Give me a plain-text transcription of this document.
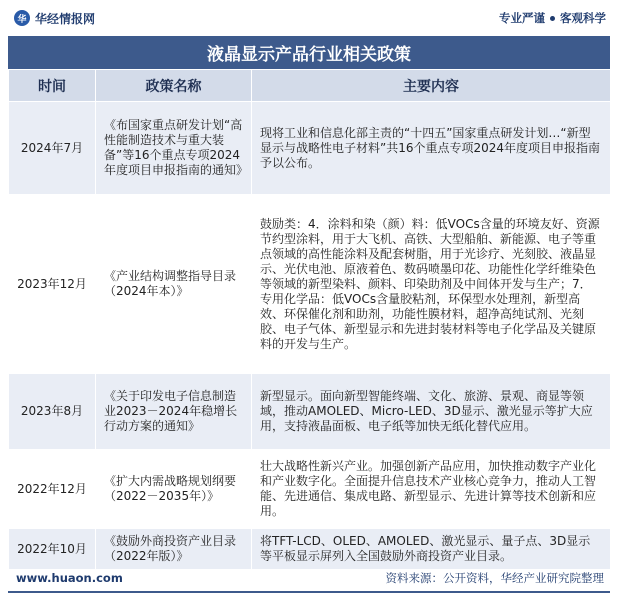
华 华经情报网	专业严谨 客观科学
液晶显示产品行业相关政策
时间	政策名称	主要内容
2024年7月	《布国家重点研发计划“高性能制造技术与重大装备”等16个重点专项2024年度项目申报指南的通知》	现将工业和信息化部主责的“十四五”国家重点研发计划…“新型显示与战略性电子材料”共16个重点专项2024年度项目申报指南予以公布。
2023年12月	《产业结构调整指导目录（2024年本）》	鼓励类：4．涂料和染（颜）料：低VOCs含量的环境友好、资源节约型涂料，用于大飞机、高铁、大型船舶、新能源、电子等重点领域的高性能涂料及配套树脂，用于光诊疗、光刻胶、液晶显示、光伏电池、原液着色、数码喷墨印花、功能性化学纤维染色等领域的新型染料、颜料、印染助剂及中间体开发与生产；7．专用化学品：低VOCs含量胶粘剂，环保型水处理剂，新型高效、环保催化剂和助剂，功能性膜材料，超净高纯试剂、光刻胶、电子气体、新型显示和先进封装材料等电子化学品及关键原料的开发与生产。
2023年8月	《关于印发电子信息制造业2023－2024年稳增长行动方案的通知》	新型显示。面向新型智能终端、文化、旅游、景观、商显等领域，推动AMOLED、Micro-LED、3D显示、激光显示等扩大应用，支持液晶面板、电子纸等加快无纸化替代应用。
2022年12月	《扩大内需战略规划纲要（2022－2035年）》	壮大战略性新兴产业。加强创新产品应用，加快推动数字产业化和产业数字化。全面提升信息技术产业核心竞争力，推动人工智能、先进通信、集成电路、新型显示、先进计算等技术创新和应用。
2022年10月	《鼓励外商投资产业目录（2022年版）》	将TFT-LCD、OLED、AMOLED、激光显示、量子点、3D显示等平板显示屏列入全国鼓励外商投资产业目录。
www.huaon.com	资料来源：公开资料，华经产业研究院整理
